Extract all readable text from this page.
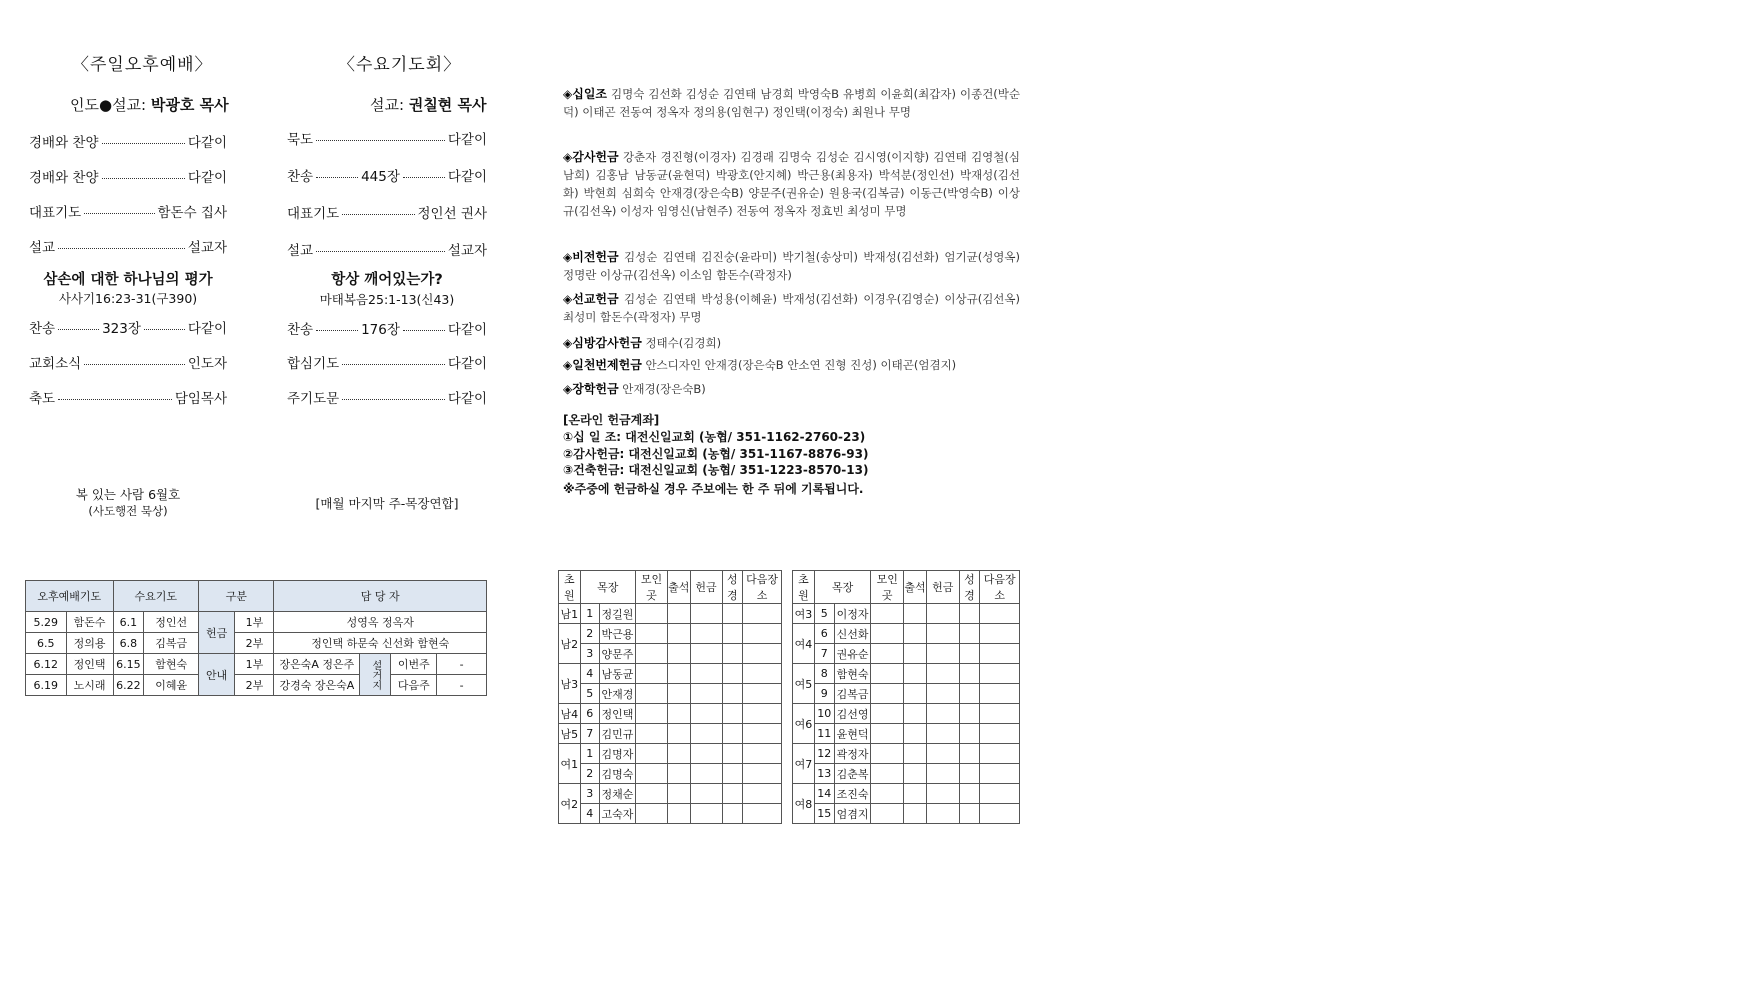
〈주일오후예배〉
인도●설교: 박광호 목사
경배와 찬양	다같이
경배와 찬양	다같이
대표기도	함돈수 집사
설교	설교자
삼손에 대한 하나님의 평가
사사기16:23-31(구390)
찬송	323장	다같이
교회소식	인도자
축도	담임목사
복 있는 사람 6월호
(사도행전 묵상)
〈수요기도회〉
설교: 권칠현 목사
묵도	다같이
찬송	445장	다같이
대표기도	정인선 권사
설교	설교자
항상 깨어있는가?
마태복음25:1-13(신43)
찬송	176장	다같이
합심기도	다같이
주기도문	다같이
[매월 마지막 주-목장연합]
◈십일조 김명숙 김선화 김성순 김연태 남경희 박영숙B 유병희 이윤희(최갑자) 이종건(박순덕) 이태곤 전동여 정옥자 정의용(임현구) 정인택(이정숙) 최원나 무명
◈감사헌금 강춘자 경진형(이경자) 김경래 김명숙 김성순 김시영(이지향) 김연태 김영철(심남희) 김홍남 남동균(윤현덕) 박광호(안지혜) 박근용(최용자) 박석분(정인선) 박재성(김선화) 박현희 심희숙 안재경(장은숙B) 양문주(권유순) 원용국(김복금) 이동근(박영숙B) 이상규(김선옥) 이성자 임영신(남현주) 전동여 정옥자 정효빈 최성미 무명
◈비전헌금 김성순 김연태 김진숭(윤라미) 박기철(송상미) 박재성(김선화) 엄기균(성영옥) 정명란 이상규(김선옥) 이소임 함돈수(곽정자)
◈선교헌금 김성순 김연태 박성용(이혜윤) 박재성(김선화) 이경우(김영순) 이상규(김선옥) 최성미 함돈수(곽정자) 무명
◈심방감사헌금 정태수(김경희)
◈일천번제헌금 안스디자인 안재경(장은숙B 안소연 진형 진성) 이태곤(엄겸지)
◈장학헌금 안재경(장은숙B)
[온라인 헌금계좌]
①십 일 조: 대전신일교회 (농협/ 351-1162-2760-23)
②감사헌금: 대전신일교회 (농협/ 351-1167-8876-93)
③건축헌금: 대전신일교회 (농협/ 351-1223-8570-13)
※주중에 헌금하실 경우 주보에는 한 주 뒤에 기록됩니다.
오후예배기도		수요기도		구분		담 당 자			
5.29	함돈수	6.1	정인선	헌금	1부	성영옥 정옥자			
6.5	정의용	6.8	김복금		2부	정인택 하문숙 신선화 함현숙			
6.12	정인택	6.15	함현숙	안내	1부	장은숙A 정은주	설거지	이번주	-
6.19	노시래	6.22	이혜윤		2부	강경숙 장은숙A		다음주	-
초원	목장		모인곳	출석	헌금	성경	다음장소
남1	1	정길원					
남2	2	박근용					
	3	양문주					
남3	4	남동균					
	5	안재경					
남4	6	정인택					
남5	7	김민규					
여1	1	김명자					
	2	김명숙					
여2	3	정채순					
	4	고숙자					
초원	목장		모인곳	출석	헌금	성경	다음장소
여3	5	이정자					
여4	6	신선화					
	7	권유순					
여5	8	함현숙					
	9	김복금					
여6	10	김선영					
	11	윤현덕					
여7	12	곽정자					
	13	김춘복					
여8	14	조진숙					
	15	엄겸지					
